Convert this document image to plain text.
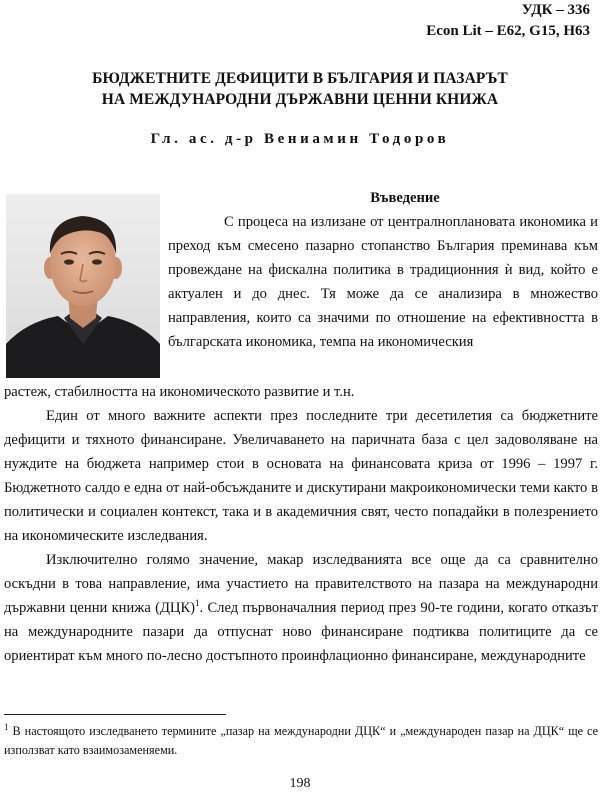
УДК – 336
Econ Lit – E62, G15, H63
БЮДЖЕТНИТЕ ДЕФИЦИТИ В БЪЛГАРИЯ И ПАЗАРЪТ
НА МЕЖДУНАРОДНИ ДЪРЖАВНИ ЦЕННИ КНИЖА
Гл. ас. д-р Вениамин Тодоров
Въведение

С процеса на излизане от централноплановата икономика и преход към смесено пазарно стопанство България преминава към провеждане на фискална политика в традиционния ѝ вид, който е актуален и до днес. Тя може да се анализира в множество направления, които са значими по отношение на ефективността в българската икономика, темпа на икономическия

растеж, стабилността на икономическото развитие и т.н.

Един от много важните аспекти през последните три десетилетия са бюджетните дефицити и тяхното финансиране. Увеличаването на паричната база с цел задоволяване на нуждите на бюджета например стои в основата на финансовата криза от 1996 – 1997 г. Бюджетното салдо е една от най-обсъжданите и дискутирани макроикономически теми както в политически и социален контекст, така и в академичния свят, често попадайки в полезрението на икономическите изследвания.

Изключително голямо значение, макар изследванията все още да са сравнително оскъдни в това направление, има участието на правителството на пазара на международни държавни ценни книжа (ДЦК)$^1$. След първоначалния период през 90-те години, когато отказът на международните пазари да отпуснат ново финансиране подтиква политиците да се ориентират към много по-лесно достъпното проинфлационно финансиране, международните

$^1$ В настоящото изследването термините „пазар на международни ДЦК“ и „международен пазар на ДЦК“ ще се използват като взаимозаменяеми.
198
